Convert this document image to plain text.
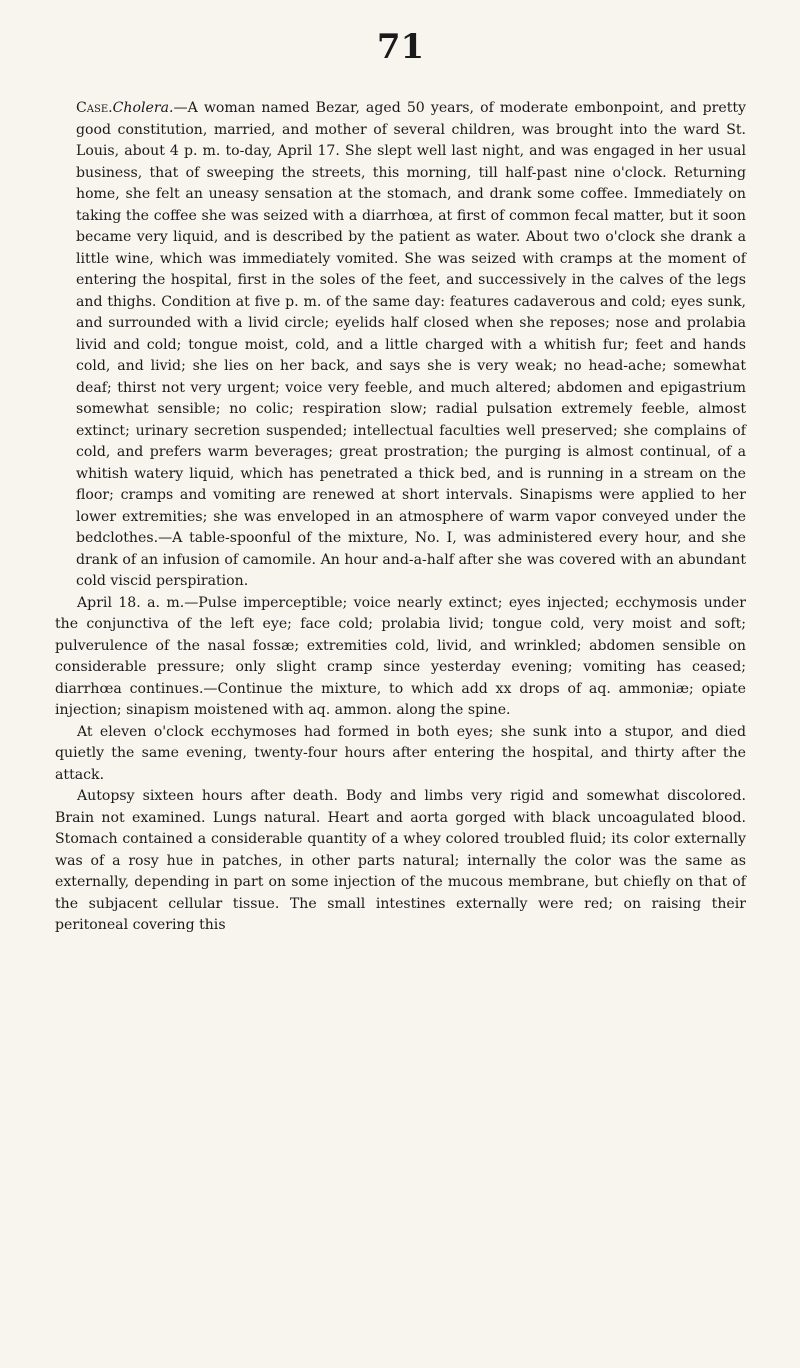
71

Case.Cholera.—A woman named Bezar, aged 50 years, of moderate embonpoint, and pretty good constitution, married, and mother of several children, was brought into the ward St. Louis, about 4 p. m. to-day, April 17. She slept well last night, and was engaged in her usual business, that of sweeping the streets, this morning, till half-past nine o'clock. Returning home, she felt an uneasy sensation at the stomach, and drank some coffee. Immediately on taking the coffee she was seized with a diarrhœa, at first of common fecal matter, but it soon became very liquid, and is described by the patient as water. About two o'clock she drank a little wine, which was immediately vomited. She was seized with cramps at the moment of entering the hospital, first in the soles of the feet, and successively in the calves of the legs and thighs. Condition at five p. m. of the same day: features cadaverous and cold; eyes sunk, and surrounded with a livid circle; eyelids half closed when she reposes; nose and prolabia livid and cold; tongue moist, cold, and a little charged with a whitish fur; feet and hands cold, and livid; she lies on her back, and says she is very weak; no head-ache; somewhat deaf; thirst not very urgent; voice very feeble, and much altered; abdomen and epigastrium somewhat sensible; no colic; respiration slow; radial pulsation extremely feeble, almost extinct; urinary secretion suspended; intellectual faculties well preserved; she complains of cold, and prefers warm beverages; great prostration; the purging is almost continual, of a whitish watery liquid, which has penetrated a thick bed, and is running in a stream on the floor; cramps and vomiting are renewed at short intervals. Sinapisms were applied to her lower extremities; she was enveloped in an atmosphere of warm vapor conveyed under the bedclothes.—A table-spoonful of the mixture, No. I, was administered every hour, and she drank of an infusion of camomile. An hour and-a-half after she was covered with an abundant cold viscid perspiration.

April 18. a. m.—Pulse imperceptible; voice nearly extinct; eyes injected; ecchymosis under the conjunctiva of the left eye; face cold; prolabia livid; tongue cold, very moist and soft; pulverulence of the nasal fossæ; extremities cold, livid, and wrinkled; abdomen sensible on considerable pressure; only slight cramp since yesterday evening; vomiting has ceased; diarrhœa continues.—Continue the mixture, to which add xx drops of aq. ammoniæ; opiate injection; sinapism moistened with aq. ammon. along the spine.

At eleven o'clock ecchymoses had formed in both eyes; she sunk into a stupor, and died quietly the same evening, twenty-four hours after entering the hospital, and thirty after the attack.

Autopsy sixteen hours after death. Body and limbs very rigid and somewhat discolored. Brain not examined. Lungs natural. Heart and aorta gorged with black uncoagulated blood. Stomach contained a considerable quantity of a whey colored troubled fluid; its color externally was of a rosy hue in patches, in other parts natural; internally the color was the same as externally, depending in part on some injection of the mucous membrane, but chiefly on that of the subjacent cellular tissue. The small intestines externally were red; on raising their peritoneal covering this
